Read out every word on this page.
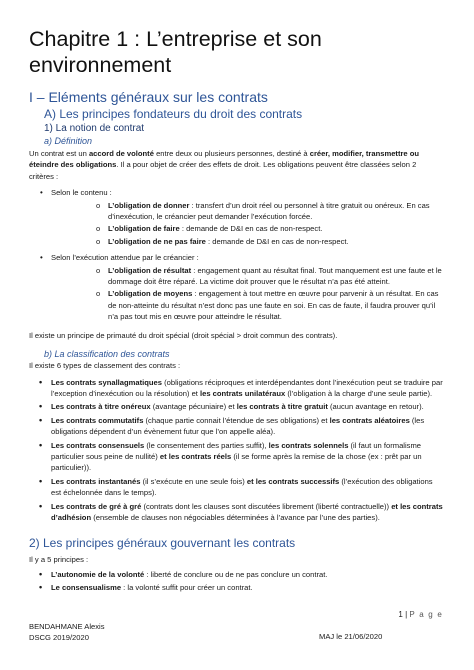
Chapitre 1 : L’entreprise et son
environnement
I – Eléments généraux sur les contrats
A) Les principes fondateurs du droit des contrats
1) La notion de contrat
a) Définition

Un contrat est un accord de volonté entre deux ou plusieurs personnes, destiné à créer, modifier, transmettre ou éteindre des obligations. Il a pour objet de créer des effets de droit. Les obligations peuvent être classées selon 2 critères :

• Selon le contenu :
o L’obligation de donner : transfert d’un droit réel ou personnel à titre gratuit ou onéreux. En cas d’inexécution, le créancier peut demander l’exécution forcée.
o L’obligation de faire : demande de D&I en cas de non-respect.
o L’obligation de ne pas faire : demande de D&I en cas de non-respect.
• Selon l’exécution attendue par le créancier :
o L’obligation de résultat : engagement quant au résultat final. Tout manquement est une faute et le dommage doit être réparé. La victime doit prouver que le résultat n’a pas été atteint.
o L’obligation de moyens : engagement à tout mettre en œuvre pour parvenir à un résultat. En cas de non-atteinte du résultat n’est donc pas une faute en soi. En cas de faute, il faudra prouver qu’il n’a pas tout mis en œuvre pour atteindre le résultat.

Il existe un principe de primauté du droit spécial (droit spécial > droit commun des contrats).

b) La classification des contrats

Il existe 6 types de classement des contrats :

• Les contrats synallagmatiques (obligations réciproques et interdépendantes dont l’inexécution peut se traduire par l’exception d’inexécution ou la résolution) et les contrats unilatéraux (l’obligation à la charge d’une seule partie).
• Les contrats à titre onéreux (avantage pécuniaire) et les contrats à titre gratuit (aucun avantage en retour).
• Les contrats commutatifs (chaque partie connait l’étendue de ses obligations) et les contrats aléatoires (les obligations dépendent d’un évènement futur que l’on appelle aléa).
• Les contrats consensuels (le consentement des parties suffit), les contrats solennels (il faut un formalisme particulier sous peine de nullité) et les contrats réels (il se forme après la remise de la chose (ex : prêt par un particulier)).
• Les contrats instantanés (il s’exécute en une seule fois) et les contrats successifs (l’exécution des obligations est échelonnée dans le temps).
• Les contrats de gré à gré (contrats dont les clauses sont discutées librement (liberté contractuelle)) et les contrats d’adhésion (ensemble de clauses non négociables déterminées à l’avance par l’une des parties).
2) Les principes généraux gouvernant les contrats

Il y a 5 principes :

• L’autonomie de la volonté : liberté de conclure ou de ne pas conclure un contrat.
• Le consensualisme : la volonté suffit pour créer un contrat.
1 | P a g e
BENDAHMANE Alexis
DSCG 2019/2020	MAJ le 21/06/2020
